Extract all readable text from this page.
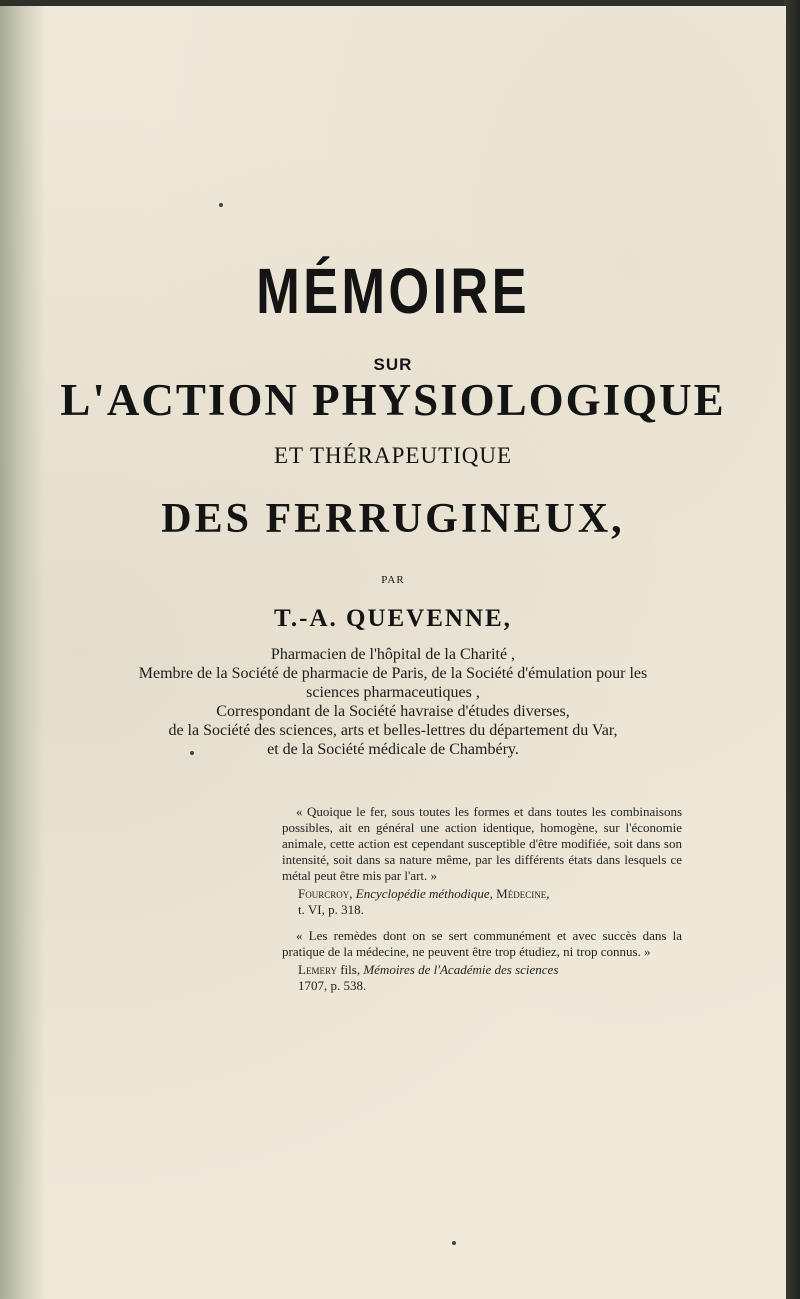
MÉMOIRE
SUR
L'ACTION PHYSIOLOGIQUE
ET THÉRAPEUTIQUE
DES FERRUGINEUX,
PAR
T.-A. QUEVENNE,
Pharmacien de l'hôpital de la Charité ,
Membre de la Société de pharmacie de Paris, de la Société d'émulation pour les
sciences pharmaceutiques ,
Correspondant de la Société havraise d'études diverses,
de la Société des sciences, arts et belles-lettres du département du Var,
et de la Société médicale de Chambéry.

« Quoique le fer, sous toutes les formes et dans toutes les combinaisons possibles, ait en général une action identique, homogène, sur l'économie animale, cette action est cependant susceptible d'être modifiée, soit dans son intensité, soit dans sa nature même, par les différents états dans lesquels ce métal peut être mis par l'art. »

Fourcroy, Encyclopédie méthodique, Médecine,
t. VI, p. 318.

« Les remèdes dont on se sert communément et avec succès dans la pratique de la médecine, ne peuvent être trop étudiez, ni trop connus. »

Lemery fils, Mémoires de l'Académie des sciences
1707, p. 538.
